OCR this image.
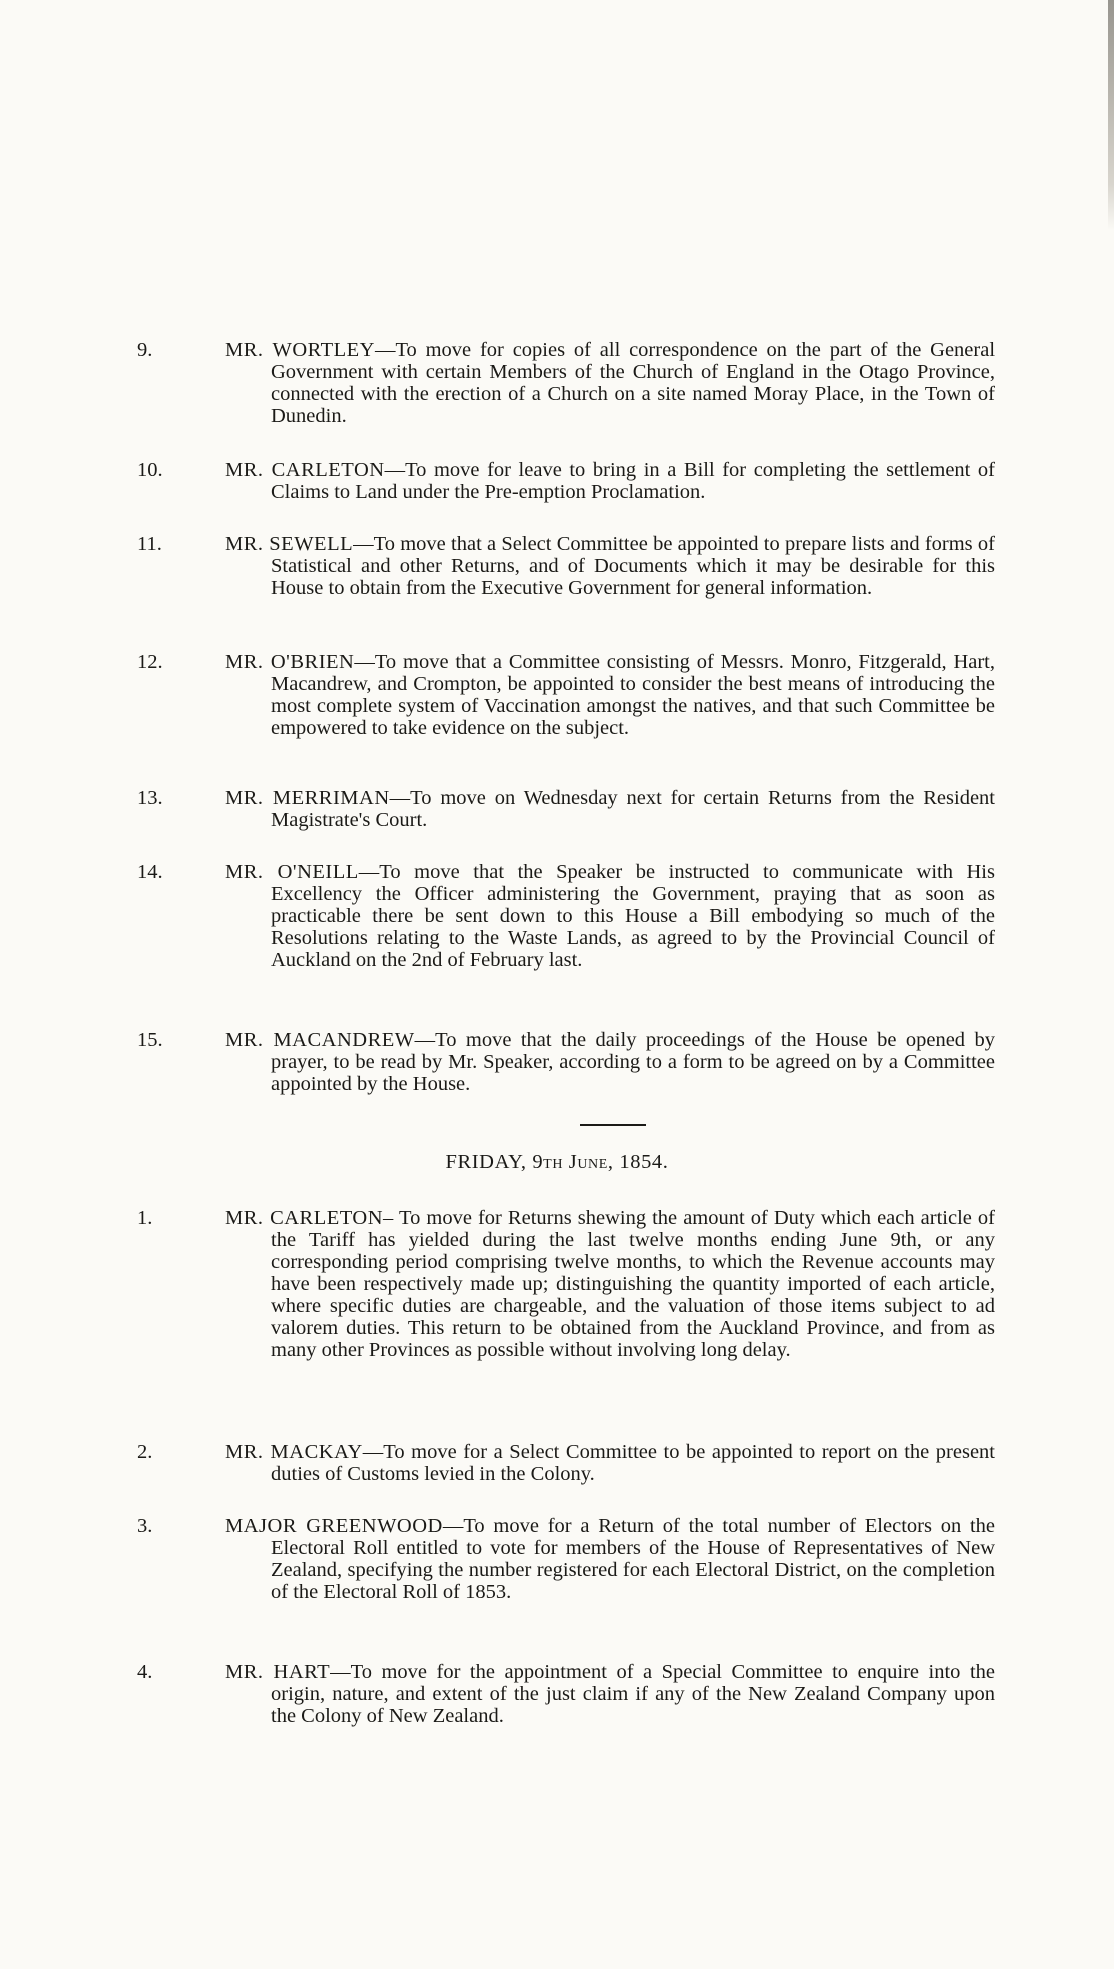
9.	MR. WORTLEY—To move for copies of all correspondence on the part of the General Government with certain Members of the Church of England in the Otago Province, connected with the erection of a Church on a site named Moray Place, in the Town of Dunedin.

10.	MR. CARLETON—To move for leave to bring in a Bill for completing the settlement of Claims to Land under the Pre-emption Proclamation.

11.	MR. SEWELL—To move that a Select Committee be appointed to prepare lists and forms of Statistical and other Returns, and of Documents which it may be desirable for this House to obtain from the Executive Government for general information.

12.	MR. O'BRIEN—To move that a Committee consisting of Messrs. Monro, Fitzgerald, Hart, Macandrew, and Crompton, be appointed to consider the best means of introducing the most complete system of Vaccination amongst the natives, and that such Committee be empowered to take evidence on the subject.

13.	MR. MERRIMAN—To move on Wednesday next for certain Returns from the Resident Magistrate's Court.

14.	MR. O'NEILL—To move that the Speaker be instructed to communicate with His Excellency the Officer administering the Government, praying that as soon as practicable there be sent down to this House a Bill embodying so much of the Resolutions relating to the Waste Lands, as agreed to by the Provincial Council of Auckland on the 2nd of February last.

15.	MR. MACANDREW—To move that the daily proceedings of the House be opened by prayer, to be read by Mr. Speaker, according to a form to be agreed on by a Committee appointed by the House.

FRIDAY, 9th June, 1854.

1.	MR. CARLETON– To move for Returns shewing the amount of Duty which each article of the Tariff has yielded during the last twelve months ending June 9th, or any corresponding period comprising twelve months, to which the Revenue accounts may have been respectively made up; distinguishing the quantity imported of each article, where specific duties are chargeable, and the valuation of those items subject to ad valorem duties. This return to be obtained from the Auckland Province, and from as many other Provinces as possible without involving long delay.

2.	MR. MACKAY—To move for a Select Committee to be appointed to report on the present duties of Customs levied in the Colony.

3.	MAJOR GREENWOOD—To move for a Return of the total number of Electors on the Electoral Roll entitled to vote for members of the House of Representatives of New Zealand, specifying the number registered for each Electoral District, on the completion of the Electoral Roll of 1853.

4.	MR. HART—To move for the appointment of a Special Committee to enquire into the origin, nature, and extent of the just claim if any of the New Zealand Company upon the Colony of New Zealand.
